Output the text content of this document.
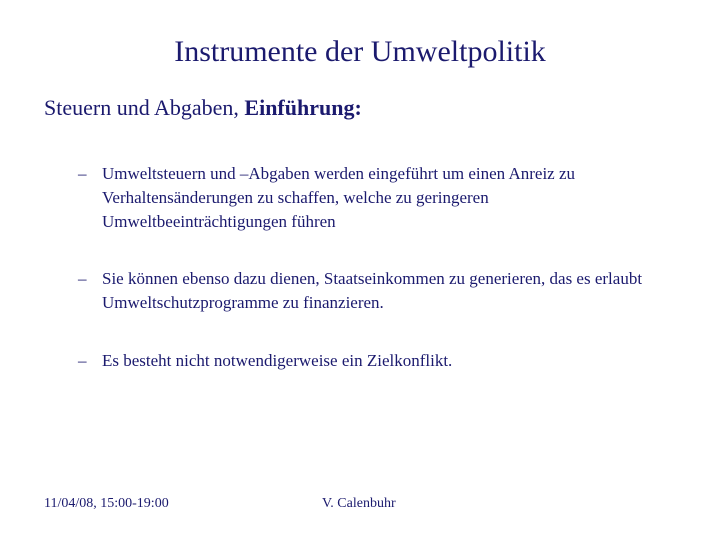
Instrumente der Umweltpolitik
Steuern und Abgaben, Einführung:
– Umweltsteuern und –Abgaben werden eingeführt um einen Anreiz zu Verhaltensänderungen zu schaffen, welche zu geringeren Umweltbeeinträchtigungen führen
– Sie können ebenso dazu dienen, Staatseinkommen zu generieren, das es erlaubt Umweltschutzprogramme zu finanzieren.
– Es besteht nicht notwendigerweise ein Zielkonflikt.
11/04/08, 15:00-19:00	V. Calenbuhr
